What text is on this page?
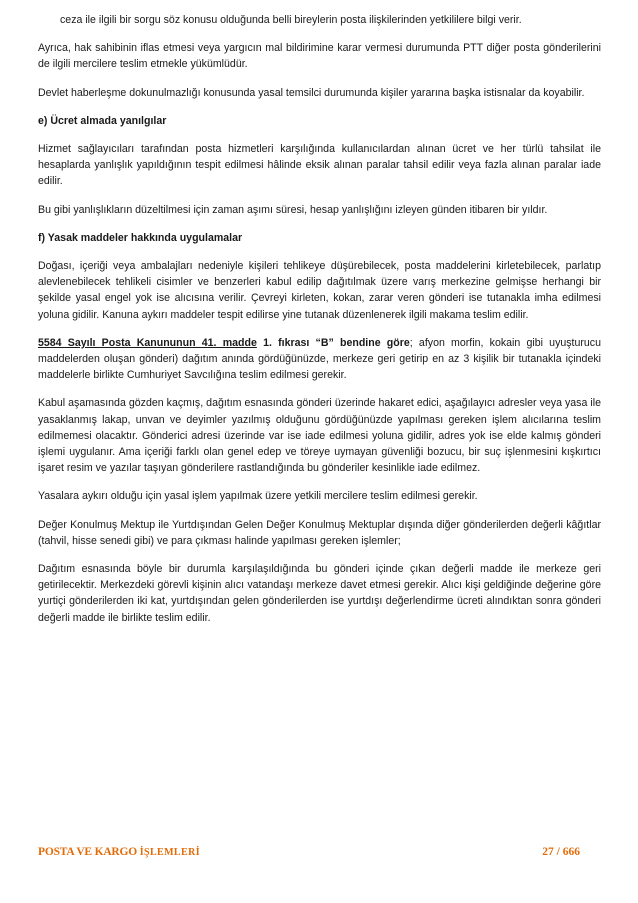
ceza ile ilgili bir sorgu söz konusu olduğunda belli bireylerin posta ilişkilerinden yetkililere bilgi verir.

Ayrıca, hak sahibinin iflas etmesi veya yargıcın mal bildirimine karar vermesi durumunda PTT diğer posta gönderilerini de ilgili mercilere teslim etmekle yükümlüdür.

Devlet haberleşme dokunulmazlığı konusunda yasal temsilci durumunda kişiler yararına başka istisnalar da koyabilir.

e) Ücret almada yanılgılar

Hizmet sağlayıcıları tarafından posta hizmetleri karşılığında kullanıcılardan alınan ücret ve her türlü tahsilat ile hesaplarda yanlışlık yapıldığının tespit edilmesi hâlinde eksik alınan paralar tahsil edilir veya fazla alınan paralar iade edilir.

Bu gibi yanlışlıkların düzeltilmesi için zaman aşımı süresi, hesap yanlışlığını izleyen günden itibaren bir yıldır.

f) Yasak maddeler hakkında uygulamalar

Doğası, içeriği veya ambalajları nedeniyle kişileri tehlikeye düşürebilecek, posta maddelerini kirletebilecek, parlatıp alevlenebilecek tehlikeli cisimler ve benzerleri kabul edilip dağıtılmak üzere varış merkezine gelmişse herhangi bir şekilde yasal engel yok ise alıcısına verilir. Çevreyi kirleten, kokan, zarar veren gönderi ise tutanakla imha edilmesi yoluna gidilir. Kanuna aykırı maddeler tespit edilirse yine tutanak düzenlenerek ilgili makama teslim edilir.

5584 Sayılı Posta Kanununun 41. madde 1. fıkrası “B” bendine göre; afyon morfin, kokain gibi uyuşturucu maddelerden oluşan gönderi) dağıtım anında gördüğünüzde, merkeze geri getirip en az 3 kişilik bir tutanakla içindeki maddelerle birlikte Cumhuriyet Savcılığına teslim edilmesi gerekir.

Kabul aşamasında gözden kaçmış, dağıtım esnasında gönderi üzerinde hakaret edici, aşağılayıcı adresler veya yasa ile yasaklanmış lakap, unvan ve deyimler yazılmış olduğunu gördüğünüzde yapılması gereken işlem alıcılarına teslim edilmemesi olacaktır. Gönderici adresi üzerinde var ise iade edilmesi yoluna gidilir, adres yok ise elde kalmış gönderi işlemi uygulanır. Ama içeriği farklı olan genel edep ve töreye uymayan güvenliği bozucu, bir suç işlenmesini kışkırtıcı işaret resim ve yazılar taşıyan gönderilere rastlandığında bu gönderiler kesinlikle iade edilmez.

Yasalara aykırı olduğu için yasal işlem yapılmak üzere yetkili mercilere teslim edilmesi gerekir.

Değer Konulmuş Mektup ile Yurtdışından Gelen Değer Konulmuş Mektuplar dışında diğer gönderilerden değerli kâğıtlar (tahvil, hisse senedi gibi) ve para çıkması halinde yapılması gereken işlemler;

Dağıtım esnasında böyle bir durumla karşılaşıldığında bu gönderi içinde çıkan değerli madde ile merkeze geri getirilecektir. Merkezdeki görevli kişinin alıcı vatandaşı merkeze davet etmesi gerekir. Alıcı kişi geldiğinde değerine göre yurtiçi gönderilerden iki kat, yurtdışından gelen gönderilerden ise yurtdışı değerlendirme ücreti alındıktan sonra gönderi değerli madde ile birlikte teslim edilir.

POSTA VE KARGO İŞLEMLERİ	27 / 666
